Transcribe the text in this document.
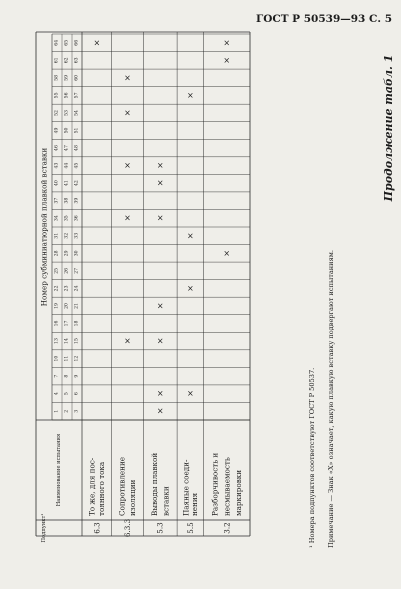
ГОСТ Р 50539—93 С. 5
Продолжение табл. 1
Номер субминиатюрной плавкой вставки
1 2 3
4 5 6
7 8 9
10 11 12
13 14 15
16 17 18
19 20 21
22 23 24
25 26 27
28 29 30
31 32 33
34 35 36
37 38 39
40 41 42
43 44 45
46 47 48
49 50 51
52 53 54
55 56 57
58 59 60
61 62 63
64 65 66
6.3
То же, для пос- тоянного тока
×
6.3.3
Сопротивление изоляции
×
×
×
×
×
5.3
Выводы плавкой вставки
×
×
×
×
×
×
×
5.5
Паяные соеди- нения
×
×
×
×
3.2
Разборчивость и несмываемость маркировки
×
×
×
Подпункт¹
Наименование испытания	¹ Номера подпунктов соответствуют ГОСТ Р 50537. Примечание — Знак «Х» означает, какую плавкую вставку подвергают испытаниям.
